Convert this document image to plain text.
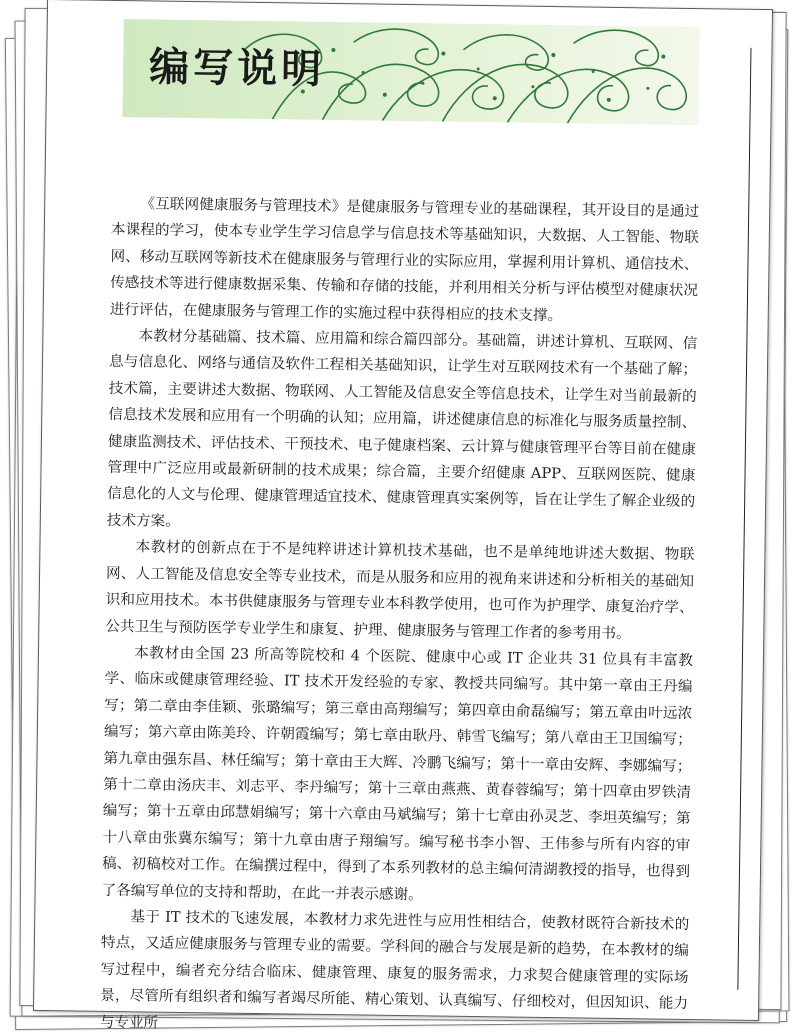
编写说明

《互联网健康服务与管理技术》是健康服务与管理专业的基础课程，其开设目的是通过本课程的学习，使本专业学生学习信息学与信息技术等基础知识，大数据、人工智能、物联网、移动互联网等新技术在健康服务与管理行业的实际应用，掌握利用计算机、通信技术、传感技术等进行健康数据采集、传输和存储的技能，并利用相关分析与评估模型对健康状况进行评估，在健康服务与管理工作的实施过程中获得相应的技术支撑。

本教材分基础篇、技术篇、应用篇和综合篇四部分。基础篇，讲述计算机、互联网、信息与信息化、网络与通信及软件工程相关基础知识，让学生对互联网技术有一个基础了解；技术篇，主要讲述大数据、物联网、人工智能及信息安全等信息技术，让学生对当前最新的信息技术发展和应用有一个明确的认知；应用篇，讲述健康信息的标准化与服务质量控制、健康监测技术、评估技术、干预技术、电子健康档案、云计算与健康管理平台等目前在健康管理中广泛应用或最新研制的技术成果；综合篇，主要介绍健康 APP、互联网医院、健康信息化的人文与伦理、健康管理适宜技术、健康管理真实案例等，旨在让学生了解企业级的技术方案。

本教材的创新点在于不是纯粹讲述计算机技术基础，也不是单纯地讲述大数据、物联网、人工智能及信息安全等专业技术，而是从服务和应用的视角来讲述和分析相关的基础知识和应用技术。本书供健康服务与管理专业本科教学使用，也可作为护理学、康复治疗学、公共卫生与预防医学专业学生和康复、护理、健康服务与管理工作者的参考用书。

本教材由全国 23 所高等院校和 4 个医院、健康中心或 IT 企业共 31 位具有丰富教学、临床或健康管理经验、IT 技术开发经验的专家、教授共同编写。其中第一章由王丹编写；第二章由李佳颖、张璐编写；第三章由高翔编写；第四章由俞磊编写；第五章由叶远浓编写；第六章由陈美玲、许朝霞编写；第七章由耿丹、韩雪飞编写；第八章由王卫国编写；第九章由强东昌、林任编写；第十章由王大辉、冷鹏飞编写；第十一章由安辉、李娜编写；第十二章由汤庆丰、刘志平、李丹编写；第十三章由燕燕、黄春蓉编写；第十四章由罗铁清编写；第十五章由邱慧娟编写；第十六章由马斌编写；第十七章由孙灵芝、李坦英编写；第十八章由张冀东编写；第十九章由唐子翔编写。编写秘书李小智、王伟参与所有内容的审稿、初稿校对工作。在编撰过程中，得到了本系列教材的总主编何清湖教授的指导，也得到了各编写单位的支持和帮助，在此一并表示感谢。

基于 IT 技术的飞速发展，本教材力求先进性与应用性相结合，使教材既符合新技术的特点，又适应健康服务与管理专业的需要。学科间的融合与发展是新的趋势，在本教材的编写过程中，编者充分结合临床、健康管理、康复的服务需求，力求契合健康管理的实际场景，尽管所有组织者和编写者竭尽所能、精心策划、认真编写、仔细校对，但因知识、能力与专业所
